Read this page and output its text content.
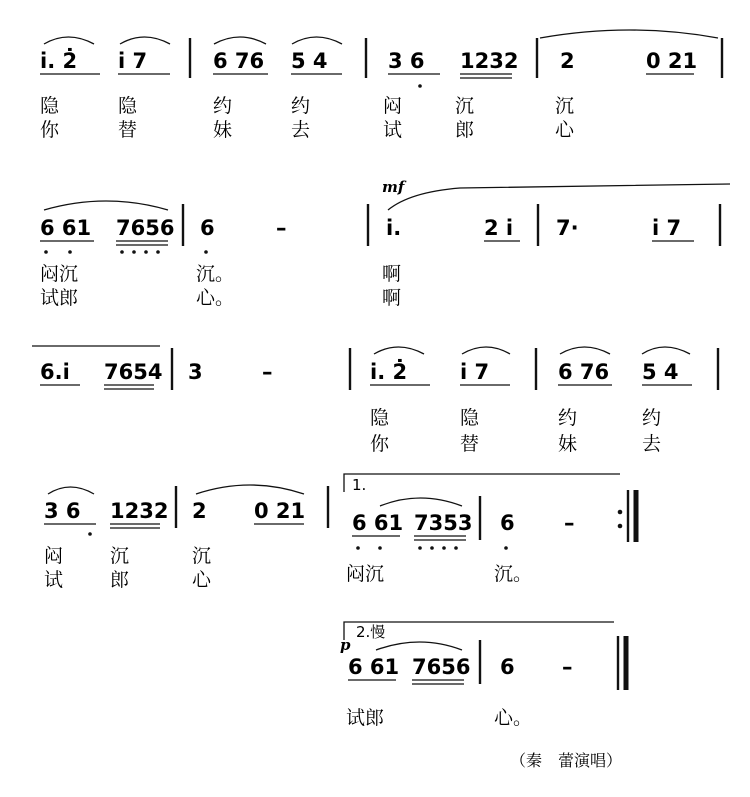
i. 2̇ i 7	6 76 5 4	3 6 1232 2	0 21
隐	隐	约	约	闷	沉	沉
你	替	妹	去	试	郎	心
mf
6 61 7656 6	–	i.	2 i 7·	i 7
闷沉	沉。	啊
试郎	心。	啊
6.i 7654 3	–	i. 2̇	i 7	6 76 5 4
隐	隐	约	约
你	替	妹	去
3 6 1232 2 0 21 6 61 7353 6 –
1.
闷 沉	沉
闷沉	沉。
试 郎	心
2.慢
p
6 61 7656 6 –
试郎	心。
（秦　蕾演唱）
